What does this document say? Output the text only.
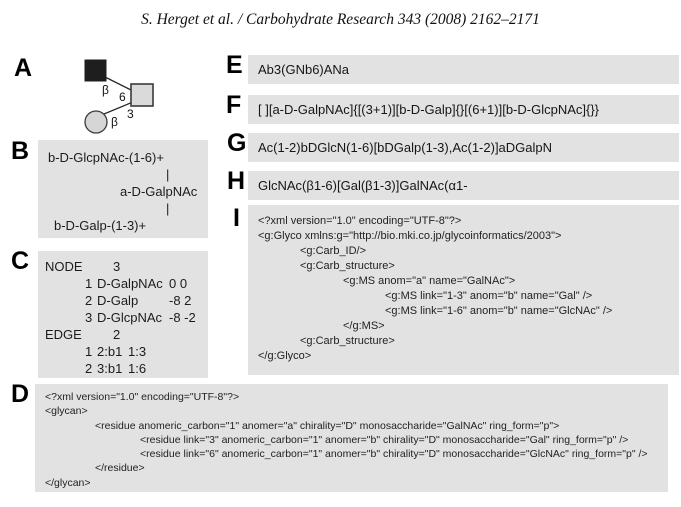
S. Herget et al. / Carbohydrate Research 343 (2008) 2162–2171
A
B
C
D
E
F
G
H
I
β 6
3
β
b-D-GlcpNAc-(1-6)+
|
a-D-GalpNAc
|
b-D-Galp-(1-3)+
NODE	3
1 D-GalpNAc 0 0
2 D-Galp	-8 2
3 D-GlcpNAc -8 -2
EDGE	2
1 2:b1 1:3
2 3:b1 1:6
Ab3(GNb6)ANa
[ ][a-D-GalpNAc]{[(3+1)][b-D-Galp]{}[(6+1)][b-D-GlcpNAc]{}}
Ac(1-2)bDGlcN(1-6)[bDGalp(1-3),Ac(1-2)]aDGalpN
GlcNAc(β1-6)[Gal(β1-3)]GalNAc(α1-
<?xml version="1.0" encoding="UTF-8"?>
<g:Glyco xmlns:g="http://bio.mki.co.jp/glycoinformatics/2003">
<g:Carb_ID/>
<g:Carb_structure>
<g:MS anom="a" name="GalNAc">
<g:MS link="1-3" anom="b" name="Gal" />
<g:MS link="1-6" anom="b" name="GlcNAc" />
</g:MS>
<g:Carb_structure>
</g:Glyco>
<?xml version="1.0" encoding="UTF-8"?>
<glycan>
<residue anomeric_carbon="1" anomer="a" chirality="D" monosaccharide="GalNAc" ring_form="p">
<residue link="3" anomeric_carbon="1" anomer="b" chirality="D" monosaccharide="Gal" ring_form="p" />
<residue link="6" anomeric_carbon="1" anomer="b" chirality="D" monosaccharide="GlcNAc" ring_form="p" />
</residue>
</glycan>
